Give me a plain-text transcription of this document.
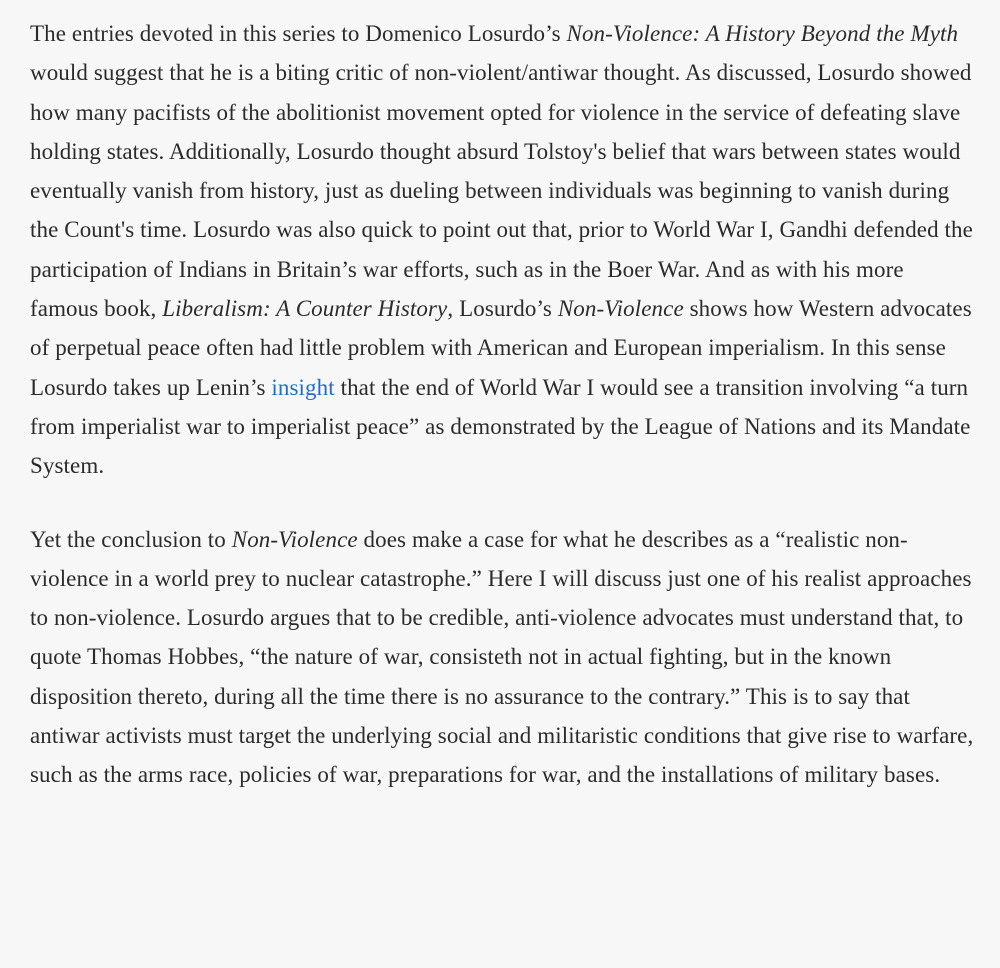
The entries devoted in this series to Domenico Losurdo’s Non-Violence: A History Beyond the Myth would suggest that he is a biting critic of non-violent/antiwar thought. As discussed, Losurdo showed how many pacifists of the abolitionist movement opted for violence in the service of defeating slave holding states. Additionally, Losurdo thought absurd Tolstoy's belief that wars between states would eventually vanish from history, just as dueling between individuals was beginning to vanish during the Count's time. Losurdo was also quick to point out that, prior to World War I, Gandhi defended the participation of Indians in Britain’s war efforts, such as in the Boer War. And as with his more famous book, Liberalism: A Counter History, Losurdo’s Non-Violence shows how Western advocates of perpetual peace often had little problem with American and European imperialism. In this sense Losurdo takes up Lenin’s insight that the end of World War I would see a transition involving “a turn from imperialist war to imperialist peace” as demonstrated by the League of Nations and its Mandate System.

Yet the conclusion to Non-Violence does make a case for what he describes as a “realistic non-violence in a world prey to nuclear catastrophe.” Here I will discuss just one of his realist approaches to non-violence. Losurdo argues that to be credible, anti-violence advocates must understand that, to quote Thomas Hobbes, “the nature of war, consisteth not in actual fighting, but in the known disposition thereto, during all the time there is no assurance to the contrary.” This is to say that antiwar activists must target the underlying social and militaristic conditions that give rise to warfare, such as the arms race, policies of war, preparations for war, and the installations of military bases.
